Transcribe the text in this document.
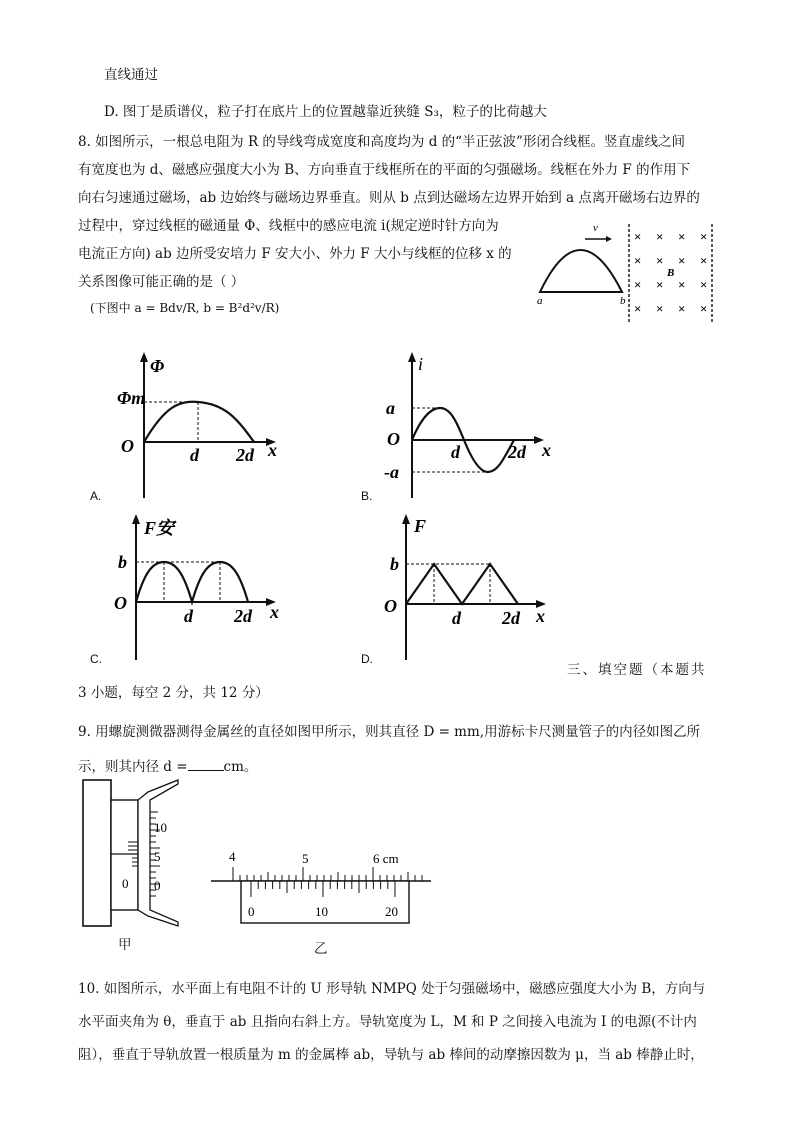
直线通过
D. 图丁是质谱仪，粒子打在底片上的位置越靠近狭缝 S₃，粒子的比荷越大
8. 如图所示，一根总电阻为 R 的导线弯成宽度和高度均为 d 的“半正弦波”形闭合线框。竖直虚线之间
有宽度也为 d、磁感应强度大小为 B、方向垂直于线框所在的平面的匀强磁场。线框在外力 F 的作用下
向右匀速通过磁场，ab 边始终与磁场边界垂直。则从 b 点到达磁场左边界开始到 a 点离开磁场右边界的
过程中，穿过线框的磁通量 Φ、线框中的感应电流 i(规定逆时针方向为
电流正方向) ab 边所受安培力 F 安大小、外力 F 大小与线框的位移 x 的
关系图像可能正确的是（ ）
(下图中 a = Bdv/R, b = B²d²v/R)
v
a	b
× × × ×
× × × ×
× × × ×
× × × ×
B
Φ
Φm
O	d 2d x
A.
i
a
-a
O
d	2d x
B.
F安
b
O
d 2d x
C.
F
b
O
d 2d x
D.
三、填空题（本题共
3 小题，每空 2 分，共 12 分）
9. 用螺旋测微器测得金属丝的直径如图甲所示，则其直径 D = mm,用游标卡尺测量管子的内径如图乙所
示，则其内径 d =	cm。
10
5
0
0
甲
4	5	6 cm
0	10	20
乙
10. 如图所示，水平面上有电阻不计的 U 形导轨 NMPQ 处于匀强磁场中，磁感应强度大小为 B，方向与
水平面夹角为 θ，垂直于 ab 且指向右斜上方。导轨宽度为 L，M 和 P 之间接入电流为 I 的电源(不计内
阻），垂直于导轨放置一根质量为 m 的金属棒 ab，导轨与 ab 棒间的动摩擦因数为 μ，当 ab 棒静止时，
